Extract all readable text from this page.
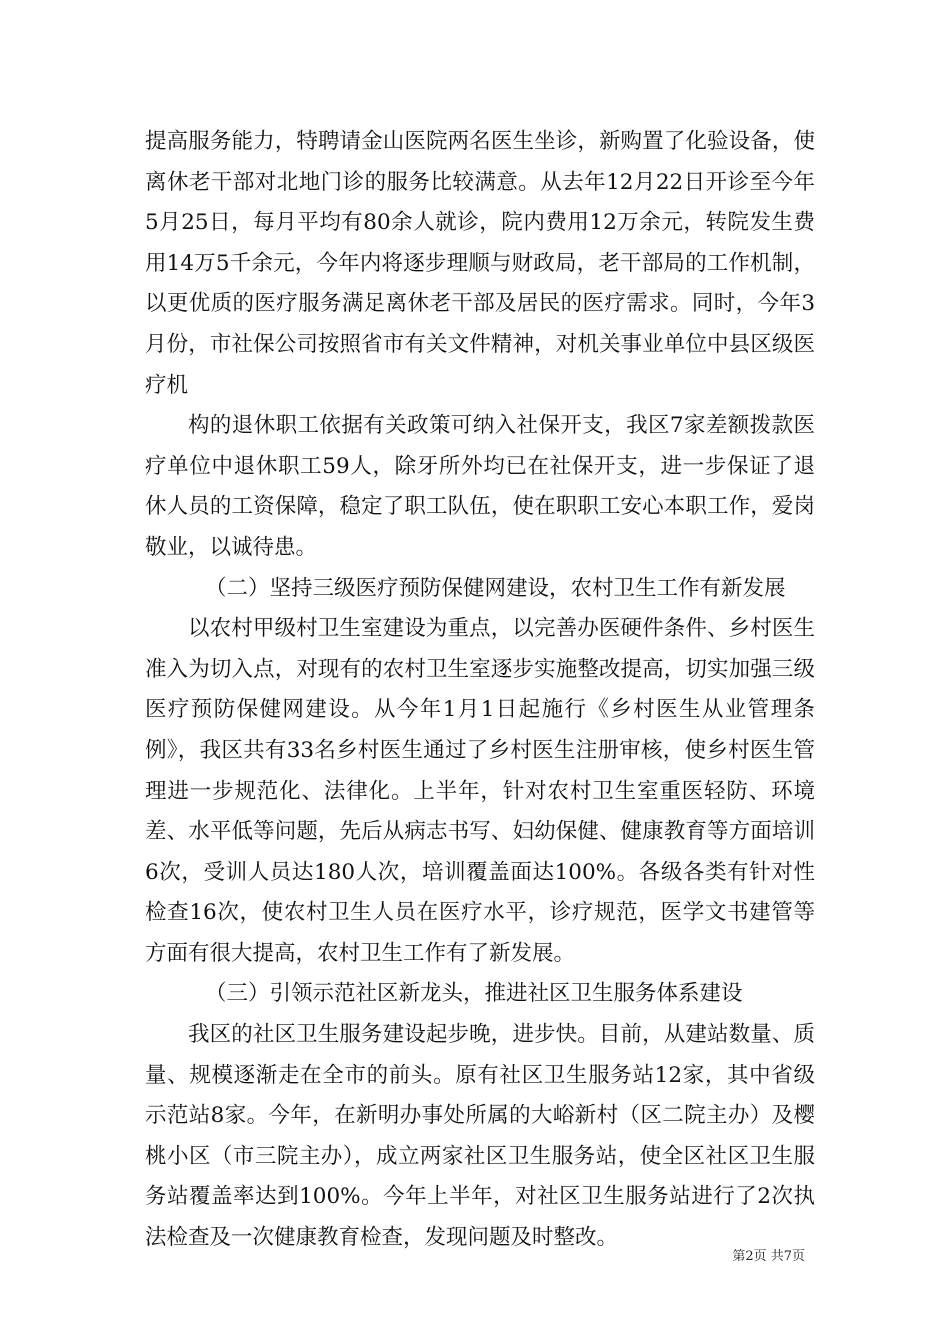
提高服务能力，特聘请金山医院两名医生坐诊，新购置了化验设备，使离休老干部对北地门诊的服务比较满意。从去年12月22日开诊至今年5月25日，每月平均有80余人就诊，院内费用12万余元，转院发生费用14万5千余元，今年内将逐步理顺与财政局，老干部局的工作机制，以更优质的医疗服务满足离休老干部及居民的医疗需求。同时，今年3月份，市社保公司按照省市有关文件精神，对机关事业单位中县区级医疗机

构的退休职工依据有关政策可纳入社保开支，我区7家差额拨款医疗单位中退休职工59人，除牙所外均已在社保开支，进一步保证了退休人员的工资保障，稳定了职工队伍，使在职职工安心本职工作，爱岗敬业，以诚待患。

（二）坚持三级医疗预防保健网建设，农村卫生工作有新发展

以农村甲级村卫生室建设为重点，以完善办医硬件条件、乡村医生准入为切入点，对现有的农村卫生室逐步实施整改提高，切实加强三级医疗预防保健网建设。从今年1月1日起施行《乡村医生从业管理条例》，我区共有33名乡村医生通过了乡村医生注册审核，使乡村医生管理进一步规范化、法律化。上半年，针对农村卫生室重医轻防、环境差、水平低等问题，先后从病志书写、妇幼保健、健康教育等方面培训6次，受训人员达180人次，培训覆盖面达100%。各级各类有针对性检查16次，使农村卫生人员在医疗水平，诊疗规范，医学文书建管等方面有很大提高，农村卫生工作有了新发展。

（三）引领示范社区新龙头，推进社区卫生服务体系建设

我区的社区卫生服务建设起步晚，进步快。目前，从建站数量、质量、规模逐渐走在全市的前头。原有社区卫生服务站12家，其中省级示范站8家。今年，在新明办事处所属的大峪新村（区二院主办）及樱桃小区（市三院主办），成立两家社区卫生服务站，使全区社区卫生服务站覆盖率达到100%。今年上半年，对社区卫生服务站进行了2次执法检查及一次健康教育检查，发现问题及时整改。

第2页 共7页
